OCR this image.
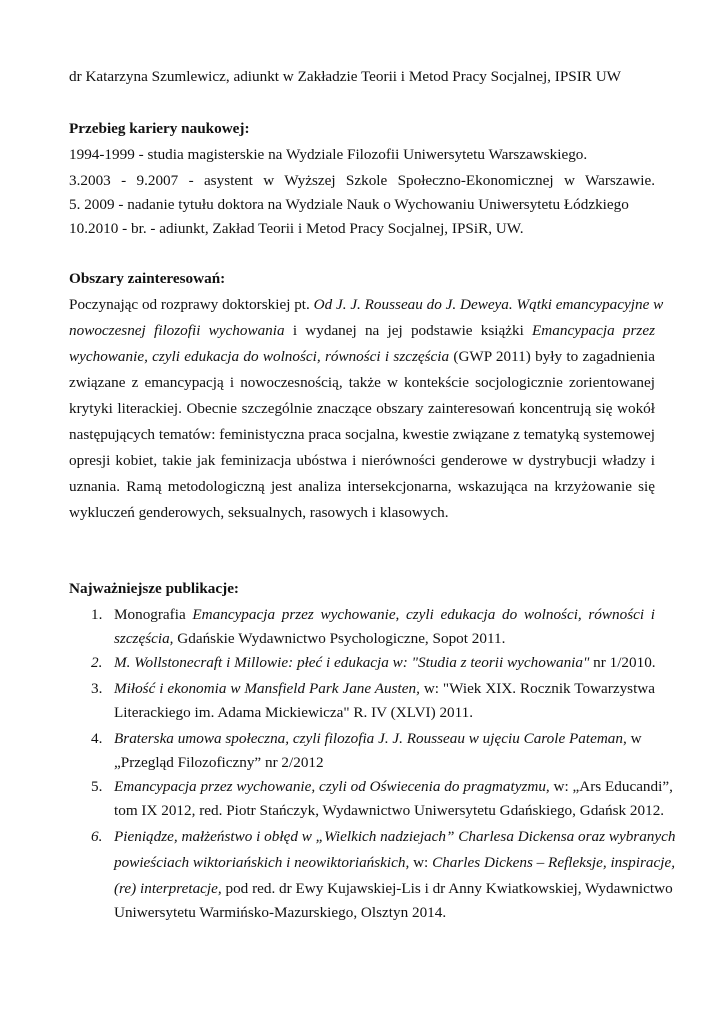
dr Katarzyna Szumlewicz, adiunkt w Zakładzie Teorii i Metod Pracy Socjalnej, IPSIR UW
Przebieg kariery naukowej:
1994-1999 - studia magisterskie na Wydziale Filozofii Uniwersytetu Warszawskiego.
3.2003 - 9.2007 - asystent w Wyższej Szkole Społeczno-Ekonomicznej w Warszawie.
5. 2009 - nadanie tytułu doktora na Wydziale Nauk o Wychowaniu Uniwersytetu Łódzkiego
10.2010 - br. - adiunkt, Zakład Teorii i Metod Pracy Socjalnej, IPSiR, UW.
Obszary zainteresowań:
Poczynając od rozprawy doktorskiej pt. Od J. J. Rousseau do J. Deweya. Wątki emancypacyjne w
nowoczesnej filozofii wychowania i wydanej na jej podstawie książki Emancypacja przez
wychowanie, czyli edukacja do wolności, równości i szczęścia (GWP 2011) były to zagadnienia
związane z emancypacją i nowoczesnością, także w kontekście socjologicznie zorientowanej
krytyki literackiej. Obecnie szczególnie znaczące obszary zainteresowań koncentrują się wokół
następujących tematów: feministyczna praca socjalna, kwestie związane z tematyką systemowej
opresji kobiet, takie jak feminizacja ubóstwa i nierówności genderowe w dystrybucji władzy i
uznania. Ramą metodologiczną jest analiza intersekcjonarna, wskazująca na krzyżowanie się
wykluczeń genderowych, seksualnych, rasowych i klasowych.
Najważniejsze publikacje:
1. Monografia Emancypacja przez wychowanie, czyli edukacja do wolności, równości i
szczęścia, Gdańskie Wydawnictwo Psychologiczne, Sopot 2011.
2. M. Wollstonecraft i Millowie: płeć i edukacja w: "Studia z teorii wychowania" nr 1/2010.
3. Miłość i ekonomia w Mansfield Park Jane Austen, w: "Wiek XIX. Rocznik Towarzystwa
Literackiego im. Adama Mickiewicza" R. IV (XLVI) 2011.
4. Braterska umowa społeczna, czyli filozofia J. J. Rousseau w ujęciu Carole Pateman, w
„Przegląd Filozoficzny” nr 2/2012
5. Emancypacja przez wychowanie, czyli od Oświecenia do pragmatyzmu, w: „Ars Educandi”,
tom IX 2012, red. Piotr Stańczyk, Wydawnictwo Uniwersytetu Gdańskiego, Gdańsk 2012.
6. Pieniądze, małżeństwo i obłęd w „Wielkich nadziejach” Charlesa Dickensa oraz wybranych
powieściach wiktoriańskich i neowiktoriańskich, w: Charles Dickens – Refleksje, inspiracje,
(re) interpretacje, pod red. dr Ewy Kujawskiej-Lis i dr Anny Kwiatkowskiej, Wydawnictwo
Uniwersytetu Warmińsko-Mazurskiego, Olsztyn 2014.
